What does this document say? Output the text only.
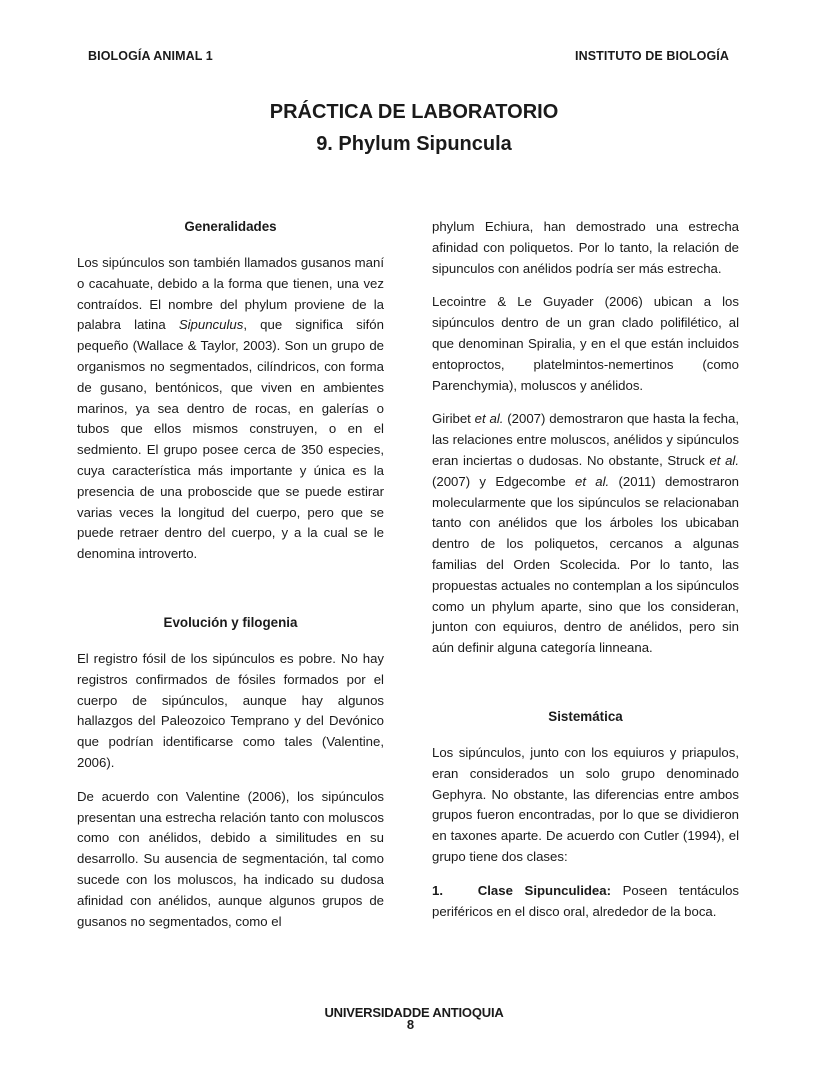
BIOLOGÍA ANIMAL 1	INSTITUTO DE BIOLOGÍA
PRÁCTICA DE LABORATORIO
9. Phylum Sipuncula
Generalidades

Los sipúnculos son también llamados gusanos maní o cacahuate, debido a la forma que tienen, una vez contraídos. El nombre del phylum proviene de la palabra latina Sipunculus, que significa sifón pequeño (Wallace & Taylor, 2003). Son un grupo de organismos no segmentados, cilíndricos, con forma de gusano, bentónicos, que viven en ambientes marinos, ya sea dentro de rocas, en galerías o tubos que ellos mismos construyen, o en el sedmiento. El grupo posee cerca de 350 especies, cuya característica más importante y única es la presencia de una proboscide que se puede estirar varias veces la longitud del cuerpo, pero que se puede retraer dentro del cuerpo, y a la cual se le denomina introverto.

Evolución y filogenia

El registro fósil de los sipúnculos es pobre. No hay registros confirmados de fósiles formados por el cuerpo de sipúnculos, aunque hay algunos hallazgos del Paleozoico Temprano y del Devónico que podrían identificarse como tales (Valentine, 2006).

De acuerdo con Valentine (2006), los sipúnculos presentan una estrecha relación tanto con moluscos como con anélidos, debido a similitudes en su desarrollo. Su ausencia de segmentación, tal como sucede con los moluscos, ha indicado su dudosa afinidad con anélidos, aunque algunos grupos de gusanos no segmentados, como el

phylum Echiura, han demostrado una estrecha afinidad con poliquetos. Por lo tanto, la relación de sipunculos con anélidos podría ser más estrecha.

Lecointre & Le Guyader (2006) ubican a los sipúnculos dentro de un gran clado polifilético, al que denominan Spiralia, y en el que están incluidos entoproctos, platelmintos-nemertinos (como Parenchymia), moluscos y anélidos.

Giribet et al. (2007) demostraron que hasta la fecha, las relaciones entre moluscos, anélidos y sipúnculos eran inciertas o dudosas. No obstante, Struck et al. (2007) y Edgecombe et al. (2011) demostraron molecularmente que los sipúnculos se relacionaban tanto con anélidos que los árboles los ubicaban dentro de los poliquetos, cercanos a algunas familias del Orden Scolecida. Por lo tanto, las propuestas actuales no contemplan a los sipúnculos como un phylum aparte, sino que los consideran, junton con equiuros, dentro de anélidos, pero sin aún definir alguna categoría linneana.

Sistemática

Los sipúnculos, junto con los equiuros y priapulos, eran considerados un solo grupo denominado Gephyra. No obstante, las diferencias entre ambos grupos fueron encontradas, por lo que se dividieron en taxones aparte. De acuerdo con Cutler (1994), el grupo tiene dos clases:

1.   Clase Sipunculidea: Poseen tentáculos periféricos en el disco oral, alrededor de la boca.

UNIVERSIDAD
8
DE ANTIOQUIA
